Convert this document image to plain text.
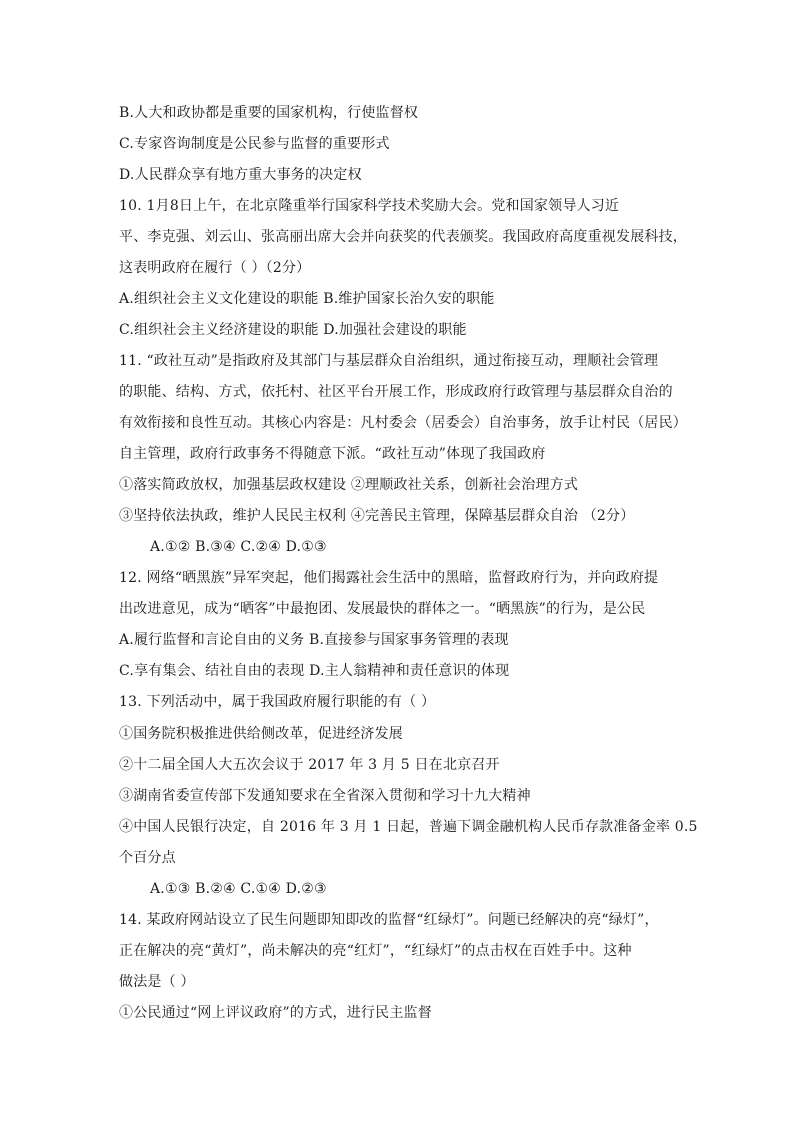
B.人大和政协都是重要的国家机构，行使监督权
C.专家咨询制度是公民参与监督的重要形式
D.人民群众享有地方重大事务的决定权
10. 1月8日上午，在北京隆重举行国家科学技术奖励大会。党和国家领导人习近
平、李克强、刘云山、张高丽出席大会并向获奖的代表颁奖。我国政府高度重视发展科技，
这表明政府在履行（ ）（2分）
A.组织社会主义文化建设的职能 B.维护国家长治久安的职能
C.组织社会主义经济建设的职能 D.加强社会建设的职能
11. “政社互动”是指政府及其部门与基层群众自治组织，通过衔接互动，理顺社会管理
的职能、结构、方式，依托村、社区平台开展工作，形成政府行政管理与基层群众自治的
有效衔接和良性互动。其核心内容是：凡村委会（居委会）自治事务，放手让村民（居民）
自主管理，政府行政事务不得随意下派。“政社互动”体现了我国政府
①落实简政放权，加强基层政权建设 ②理顺政社关系，创新社会治理方式
③坚持依法执政，维护人民民主权利 ④完善民主管理，保障基层群众自治 （2分）
A.①② B.③④ C.②④ D.①③
12. 网络“晒黑族”异军突起，他们揭露社会生活中的黑暗，监督政府行为，并向政府提
出改进意见，成为“晒客”中最抱团、发展最快的群体之一。“晒黑族”的行为，是公民
A.履行监督和言论自由的义务 B.直接参与国家事务管理的表现
C.享有集会、结社自由的表现 D.主人翁精神和责任意识的体现
13. 下列活动中，属于我国政府履行职能的有（ ）
①国务院积极推进供给侧改革，促进经济发展
②十二届全国人大五次会议于 2017 年 3 月 5 日在北京召开
③湖南省委宣传部下发通知要求在全省深入贯彻和学习十九大精神
④中国人民银行决定，自 2016 年 3 月 1 日起，普遍下调金融机构人民币存款准备金率 0.5
个百分点
A.①③ B.②④ C.①④ D.②③
14. 某政府网站设立了民生问题即知即改的监督“红绿灯”。问题已经解决的亮“绿灯”，
正在解决的亮“黄灯”，尚未解决的亮“红灯”，“红绿灯”的点击权在百姓手中。这种
做法是（ ）
①公民通过“网上评议政府”的方式，进行民主监督
